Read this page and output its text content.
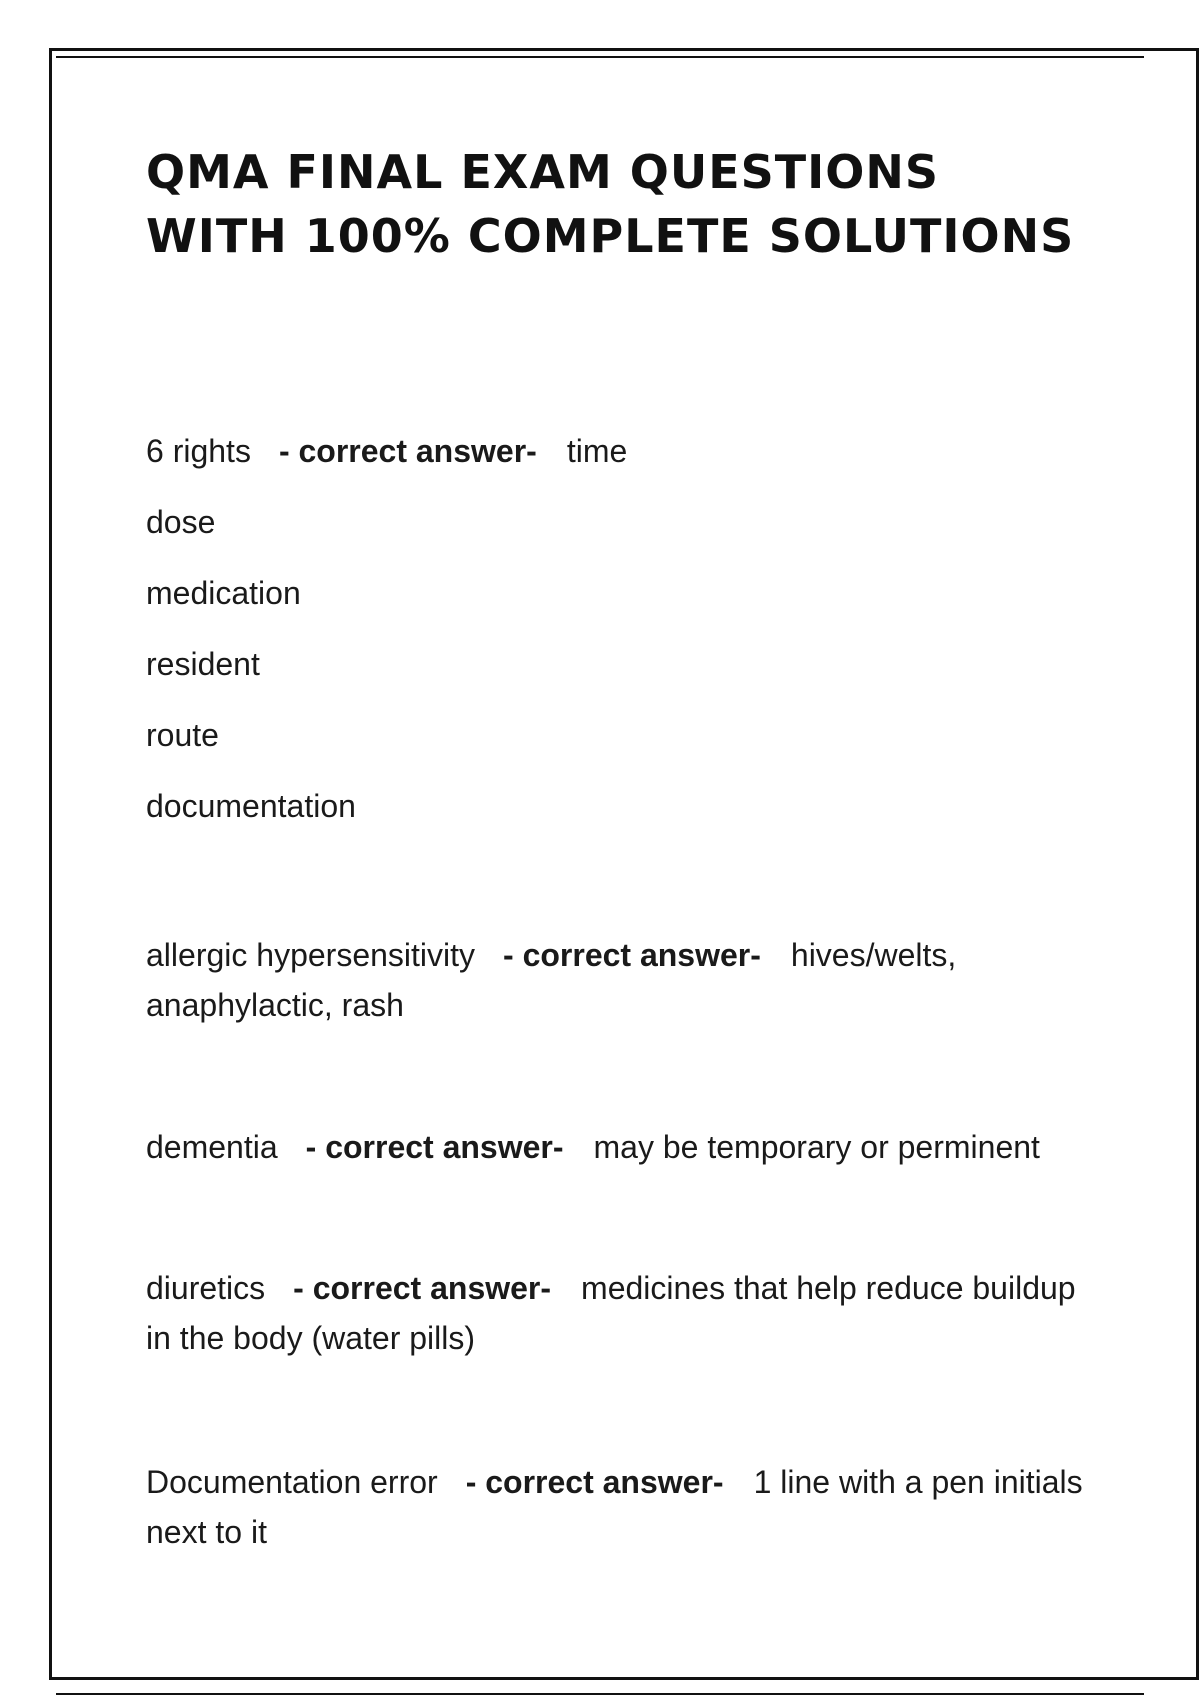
QMA FINAL EXAM QUESTIONS
WITH 100% COMPLETE SOLUTIONS
6 rights - correct answer- time
dose
medication
resident
route
documentation
allergic hypersensitivity - correct answer- hives/welts, anaphylactic, rash
dementia - correct answer- may be temporary or perminent
diuretics - correct answer- medicines that help reduce buildup in the body (water pills)
Documentation error - correct answer- 1 line with a pen initials next to it
